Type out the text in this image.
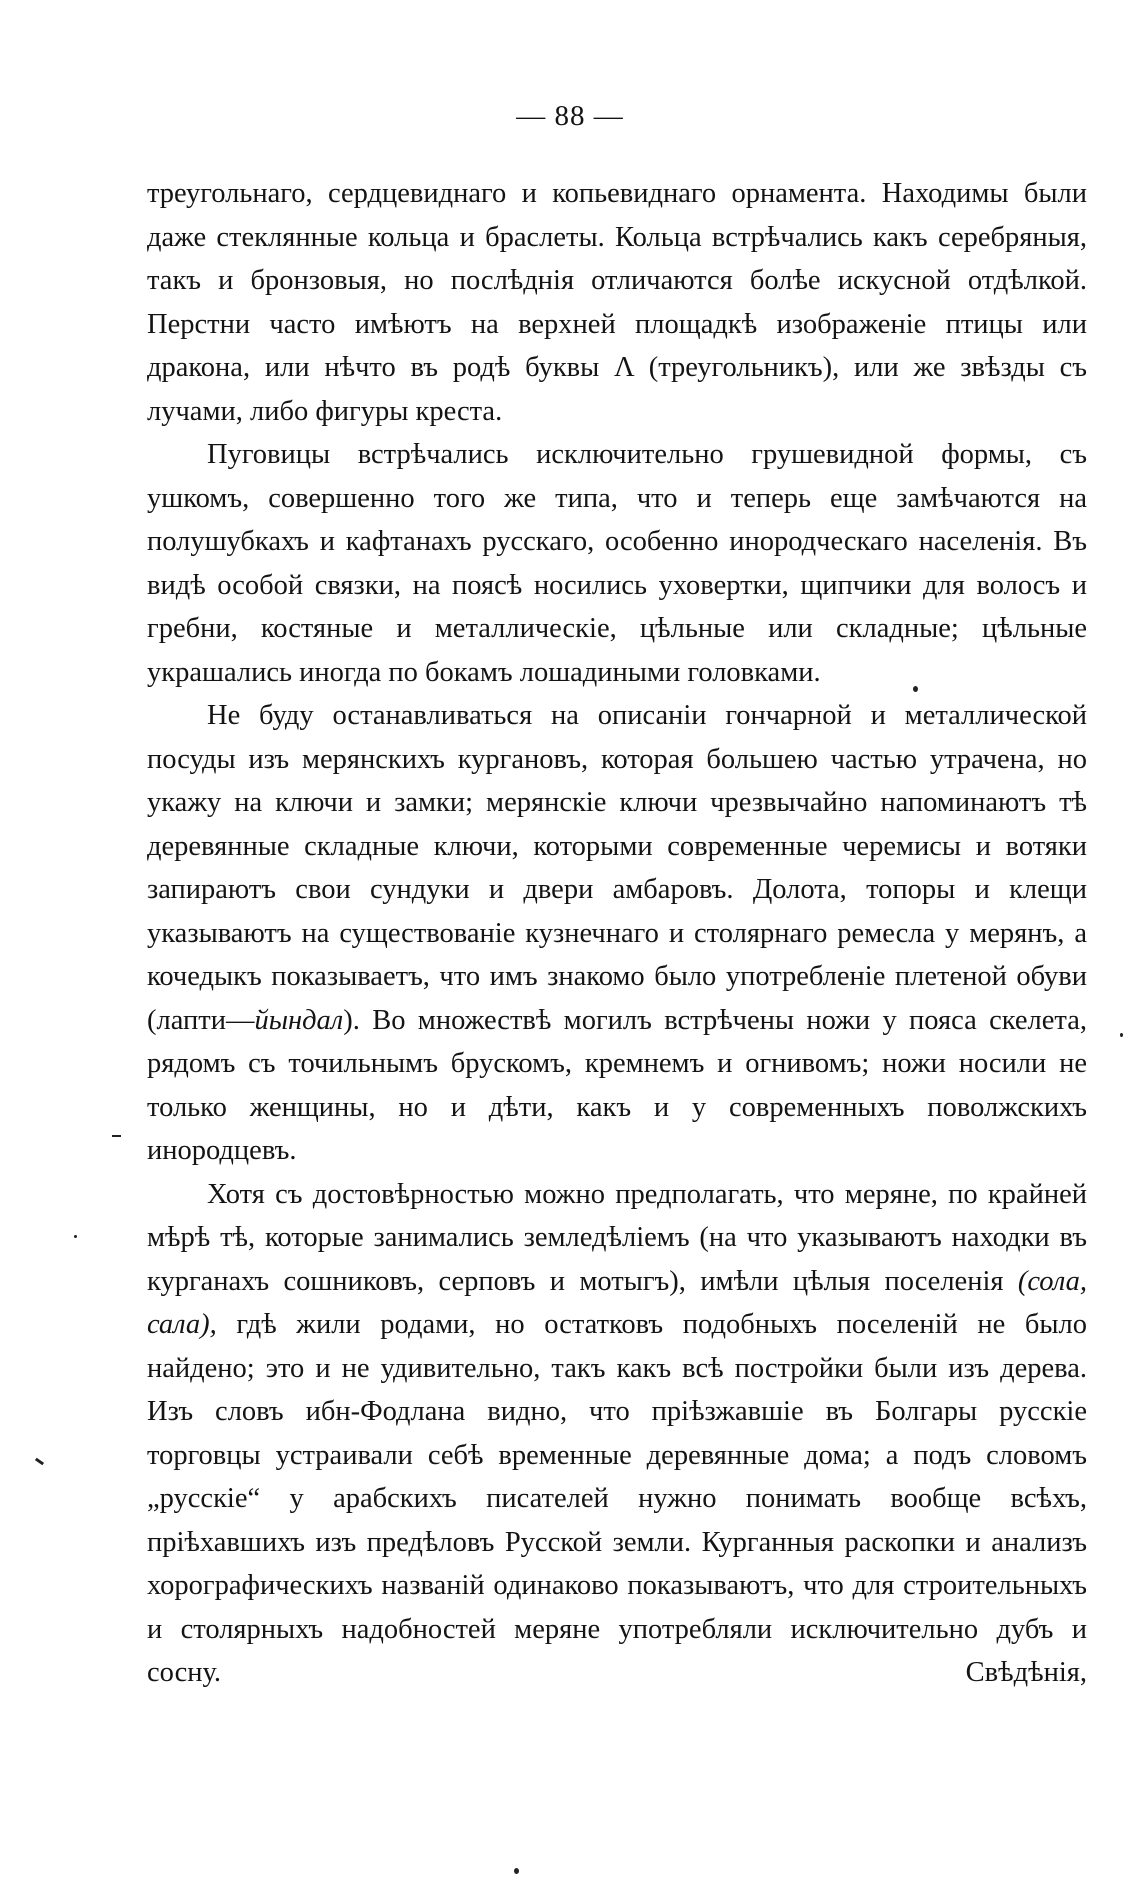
— 88 —

треугольнаго, сердцевиднаго и копьевиднаго орнамента. Находимы были даже стеклянные кольца и браслеты. Кольца встрѣчались какъ серебряныя, такъ и бронзовыя, но послѣднія отличаются болѣе искусной отдѣлкой. Перстни часто имѣютъ на верхней площадкѣ изображеніе птицы или дракона, или нѣчто въ родѣ буквы Λ (треугольникъ), или же звѣзды съ лучами, либо фигуры креста.

Пуговицы встрѣчались исключительно грушевидной формы, съ ушкомъ, совершенно того же типа, что и теперь еще замѣчаются на полушубкахъ и кафтанахъ русскаго, особенно инородческаго населенія. Въ видѣ особой связки, на поясѣ носились уховертки, щипчики для волосъ и гребни, костяные и металлическіе, цѣльные или складные; цѣльные украшались иногда по бокамъ лошадиными головками.

Не буду останавливаться на описаніи гончарной и металлической посуды изъ мерянскихъ кургановъ, которая большею частью утрачена, но укажу на ключи и замки; мерянскіе ключи чрезвычайно напоминаютъ тѣ деревянные складные ключи, которыми современные черемисы и вотяки запираютъ свои сундуки и двери амбаровъ. Долота, топоры и клещи указываютъ на существованіе кузнечнаго и столярнаго ремесла у мерянъ, а кочедыкъ показываетъ, что имъ знакомо было употребленіе плетеной обуви (лапти—йындал). Во множествѣ могилъ встрѣчены ножи у пояса скелета, рядомъ съ точильнымъ брускомъ, кремнемъ и огнивомъ; ножи носили не только женщины, но и дѣти, какъ и у современныхъ поволжскихъ инородцевъ.

Хотя съ достовѣрностью можно предполагать, что меряне, по крайней мѣрѣ тѣ, которые занимались земледѣліемъ (на что указываютъ находки въ курганахъ сошниковъ, серповъ и мотыгъ), имѣли цѣлыя поселенія (сола, сала), гдѣ жили родами, но остатковъ подобныхъ поселеній не было найдено; это и не удивительно, такъ какъ всѣ постройки были изъ дерева. Изъ словъ ибн-Фодлана видно, что пріѣзжавшіе въ Болгары русскіе торговцы устраивали себѣ временные деревянные дома; а подъ словомъ „русскіе“ у арабскихъ писателей нужно понимать вообще всѣхъ, пріѣхавшихъ изъ предѣловъ Русской земли. Курганныя раскопки и анализъ хорографическихъ названій одинаково показываютъ, что для строительныхъ и столярныхъ надобностей меряне употребляли исключительно дубъ и сосну. Свѣдѣнія,
